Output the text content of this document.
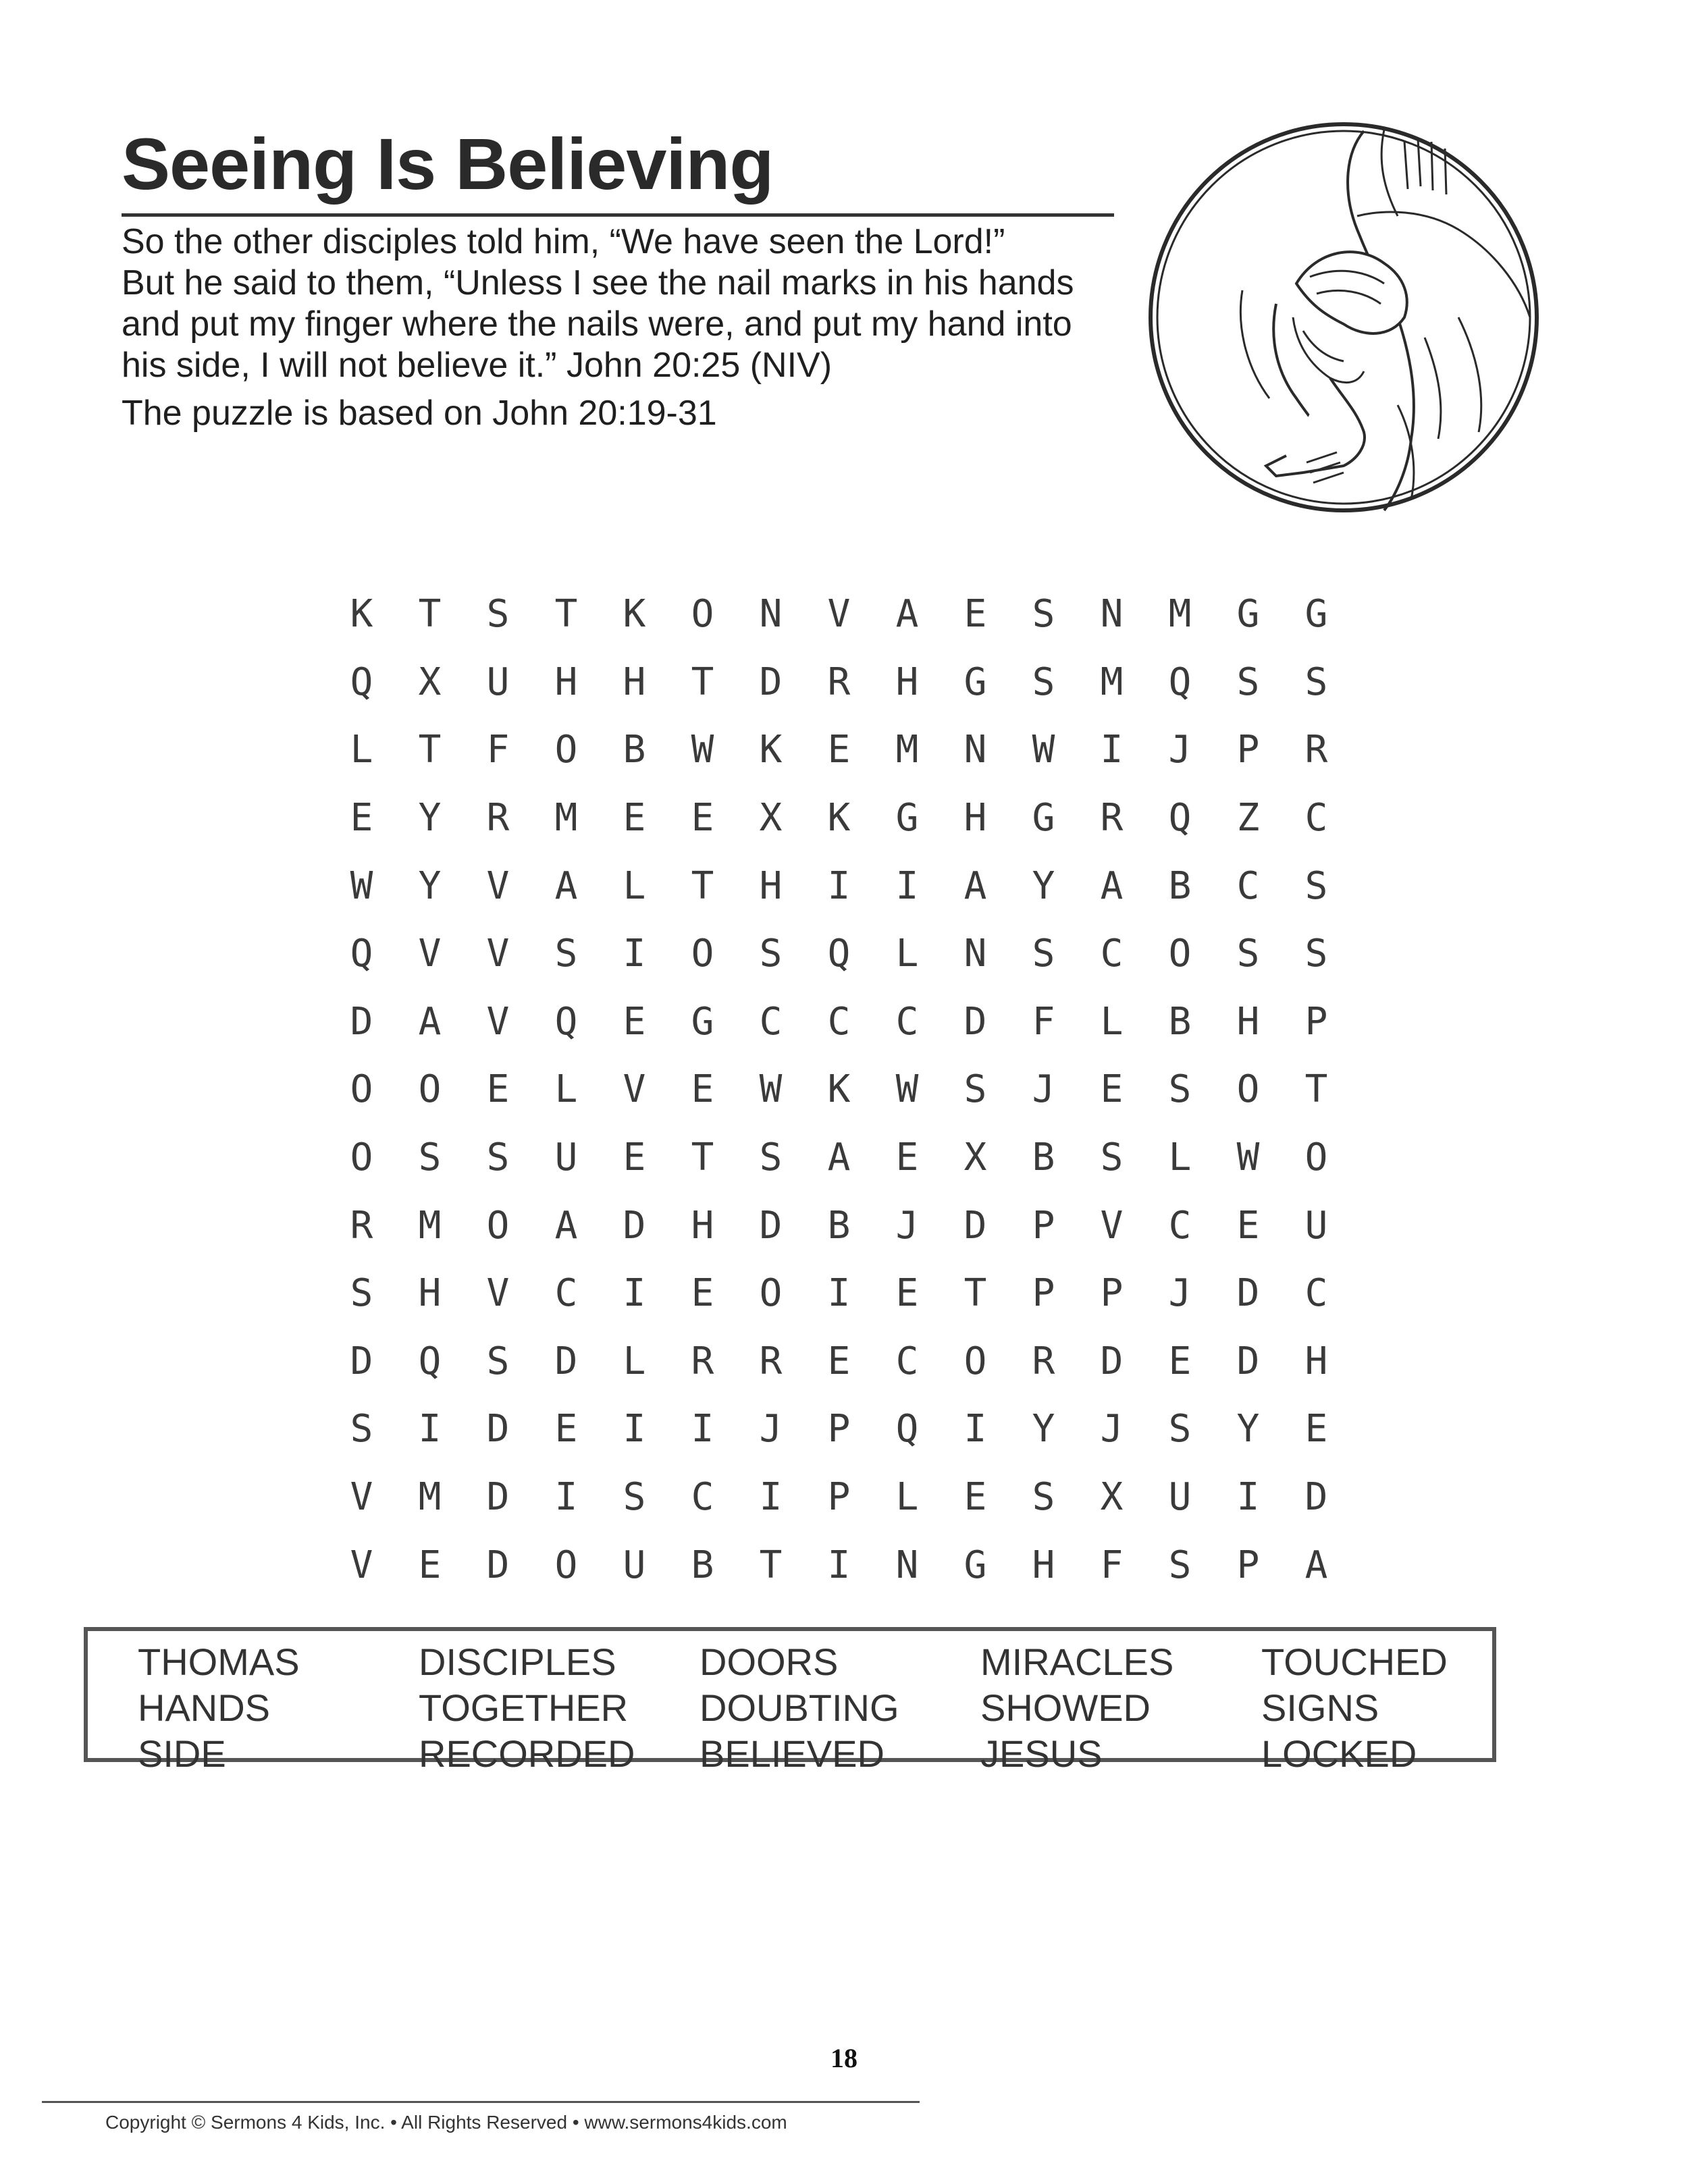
Seeing Is Believing

So the other disciples told him, “We have seen the Lord!”

But he said to them, “Unless I see the nail marks in his hands

and put my finger where the nails were, and put my hand into

his side, I will not believe it.” John 20:25 (NIV)

The puzzle is based on John 20:19-31
K	T	S	T	K	O	N	V	A	E	S	N	M	G	G
Q	X	U	H	H	T	D	R	H	G	S	M	Q	S	S
L	T	F	O	B	W	K	E	M	N	W	I	J	P	R
E	Y	R	M	E	E	X	K	G	H	G	R	Q	Z	C
W	Y	V	A	L	T	H	I	I	A	Y	A	B	C	S
Q	V	V	S	I	O	S	Q	L	N	S	C	O	S	S
D	A	V	Q	E	G	C	C	C	D	F	L	B	H	P
O	O	E	L	V	E	W	K	W	S	J	E	S	O	T
O	S	S	U	E	T	S	A	E	X	B	S	L	W	O
R	M	O	A	D	H	D	B	J	D	P	V	C	E	U
S	H	V	C	I	E	O	I	E	T	P	P	J	D	C
D	Q	S	D	L	R	R	E	C	O	R	D	E	D	H
S	I	D	E	I	I	J	P	Q	I	Y	J	S	Y	E
V	M	D	I	S	C	I	P	L	E	S	X	U	I	D
V	E	D	O	U	B	T	I	N	G	H	F	S	P	A
THOMAS	DISCIPLES	DOORS	MIRACLES	TOUCHED
HANDS	TOGETHER	DOUBTING	SHOWED	SIGNS
SIDE	RECORDED	BELIEVED	JESUS	LOCKED
18
Copyright © Sermons 4 Kids, Inc. • All Rights Reserved • www.sermons4kids.com
